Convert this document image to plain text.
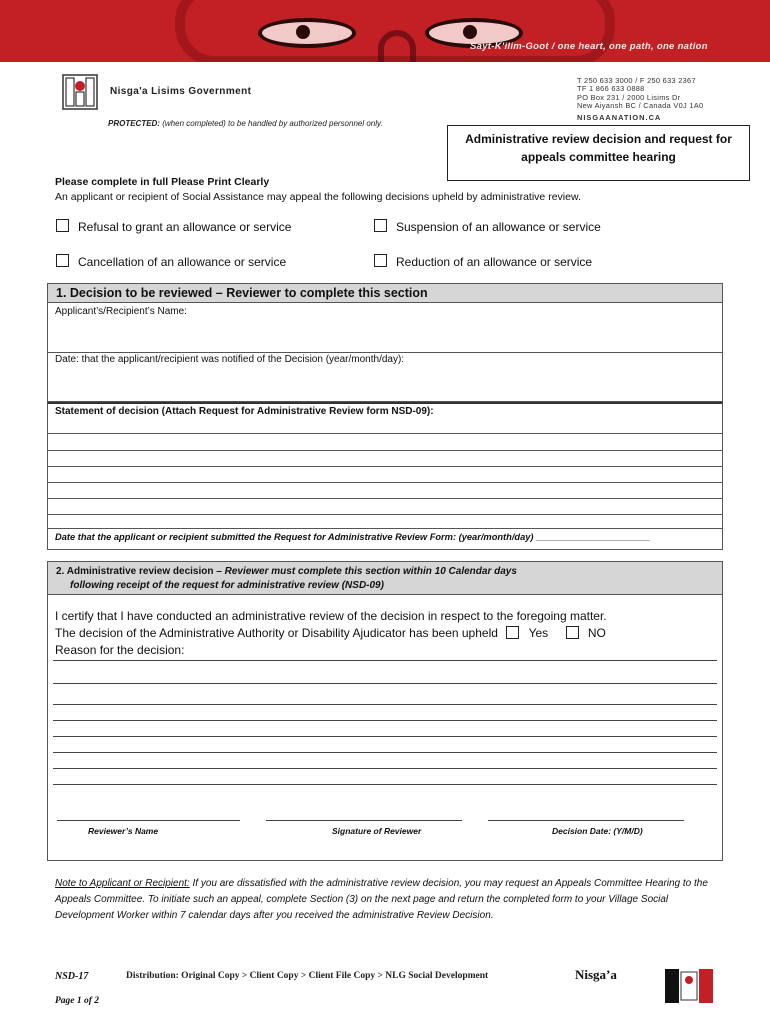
Sayt-K'ilim-Goot / one heart, one path, one nation
Nisga'a Lisims Government
T 250 633 3000 / F 250 633 2367
TF 1 866 633 0888
PO Box 231 / 2000 Lisims Dr
New Aiyansh BC / Canada V0J 1A0
NISGAANATION.CA
PROTECTED: (when completed) to be handled by authorized personnel only.
Administrative review decision and request for
appeals committee hearing
Please complete in full Please Print Clearly
An applicant or recipient of Social Assistance may appeal the following decisions upheld by administrative review.
Refusal to grant an allowance or service	Suspension of an allowance or service
Cancellation of an allowance or service	Reduction of an allowance or service
1. Decision to be reviewed – Reviewer to complete this section
Applicant’s/Recipient’s Name:
Date: that the applicant/recipient was notified of the Decision (year/month/day):
Statement of decision (Attach Request for Administrative Review form NSD-09):
Date that the applicant or recipient submitted the Request for Administrative Review Form: (year/month/day) ______________________
2. Administrative review decision – Reviewer must complete this section within 10 Calendar days
following receipt of the request for administrative review (NSD-09)
I certify that I have conducted an administrative review of the decision in respect to the foregoing matter.
The decision of the Administrative Authority or Disability Ajudicator has been upheld	Yes	NO
Reason for the decision:
Reviewer’s Name	Signature of Reviewer	Decision Date: (Y/M/D)
Note to Applicant or Recipient: If you are dissatisfied with the administrative review decision, you may request an Appeals Committee Hearing to the Appeals Committee. To initiate such an appeal, complete Section (3) on the next page and return the completed form to your Village Social Development Worker within 7 calendar days after you received the administrative Review Decision.
NSD-17	Distribution: Original Copy > Client Copy > Client File Copy > NLG Social Development
Page 1 of 2
Nisga’a
